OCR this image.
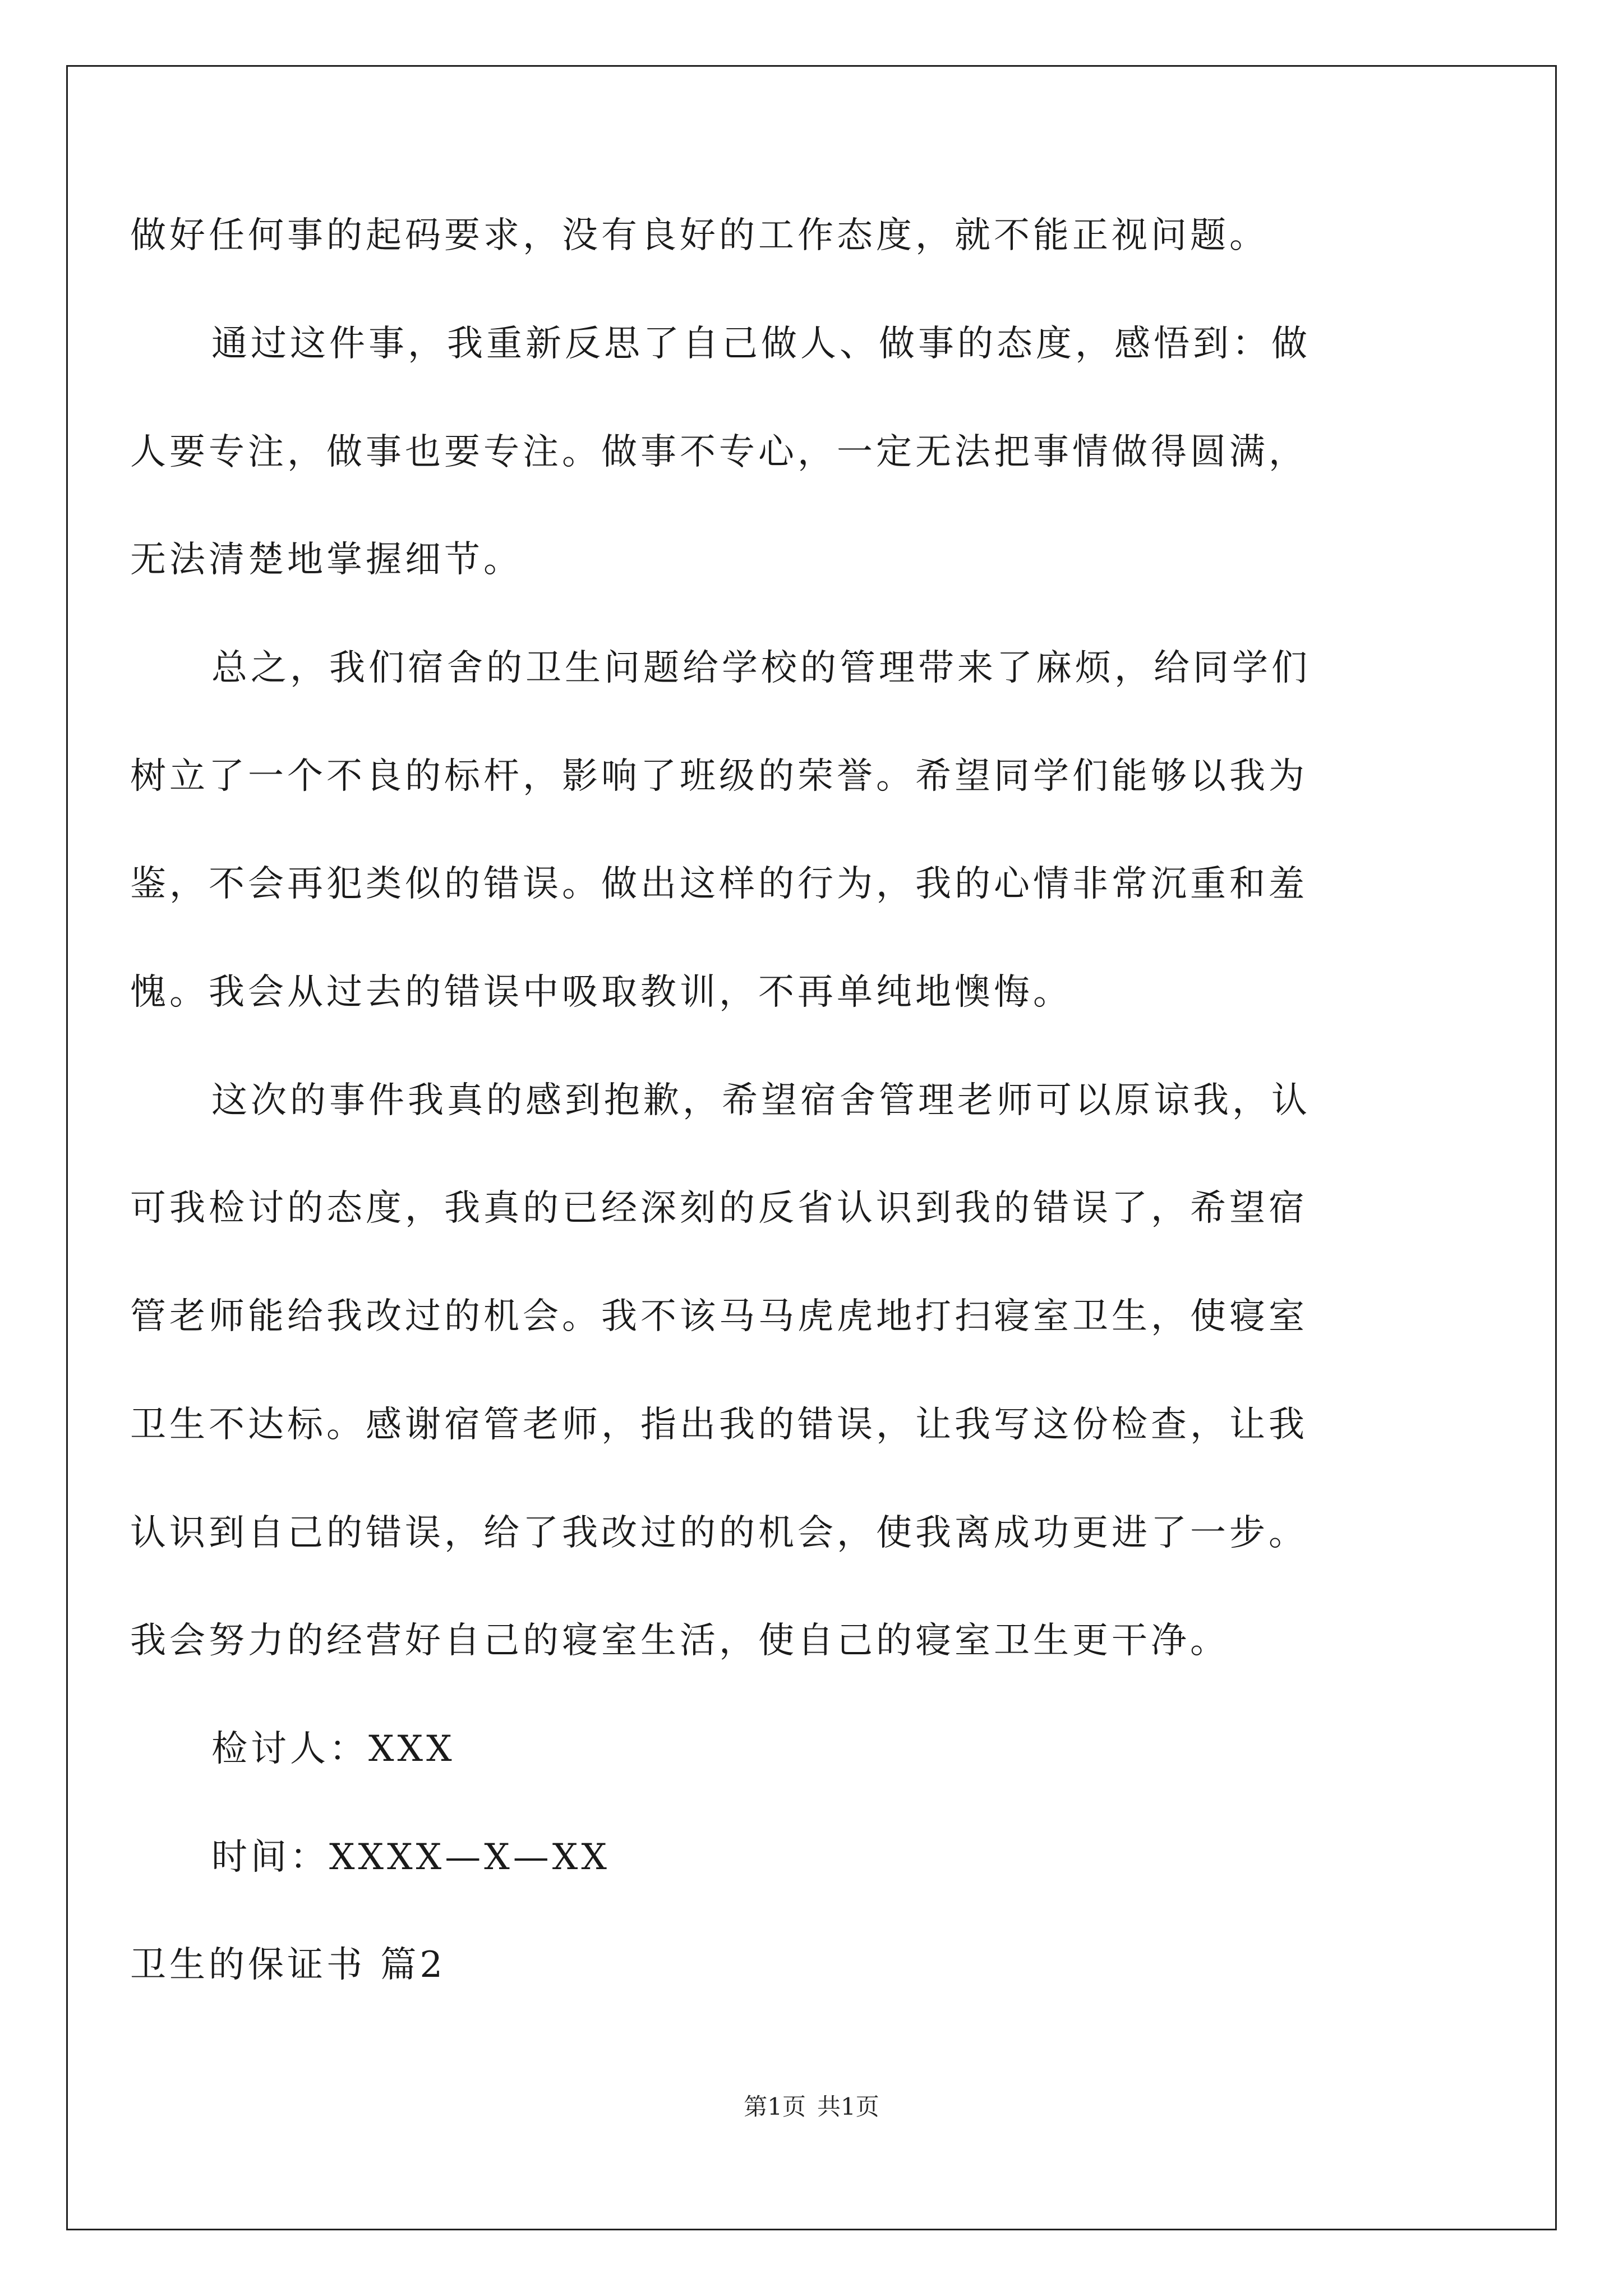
做好任何事的起码要求，没有良好的工作态度，就不能正视问题。
通过这件事，我重新反思了自己做人、做事的态度，感悟到：做
人要专注，做事也要专注。做事不专心，一定无法把事情做得圆满，
无法清楚地掌握细节。
总之，我们宿舍的卫生问题给学校的管理带来了麻烦，给同学们
树立了一个不良的标杆，影响了班级的荣誉。希望同学们能够以我为
鉴，不会再犯类似的错误。做出这样的行为，我的心情非常沉重和羞
愧。我会从过去的错误中吸取教训，不再单纯地懊悔。
这次的事件我真的感到抱歉，希望宿舍管理老师可以原谅我，认
可我检讨的态度，我真的已经深刻的反省认识到我的错误了，希望宿
管老师能给我改过的机会。我不该马马虎虎地打扫寝室卫生，使寝室
卫生不达标。感谢宿管老师，指出我的错误，让我写这份检查，让我
认识到自己的错误，给了我改过的的机会，使我离成功更进了一步。
我会努力的经营好自己的寝室生活，使自己的寝室卫生更干净。
检讨人：XXX
时间：XXXX—X—XX
卫生的保证书 篇2
第1页 共1页
